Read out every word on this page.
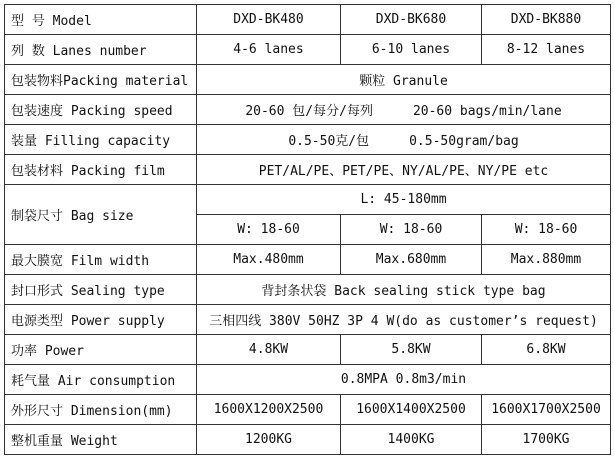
型 号 Model	DXD-BK480	DXD-BK680	DXD-BK880
列 数 Lanes number	4-6 lanes	6-10 lanes	8-12 lanes
包装物料Packing material	颗粒 Granule		
包装速度 Packing speed	20-60 包/每分/每列 20-60 bags/min/lane		
装量 Filling capacity	0.5-50克/包 0.5-50gram/bag		
包装材料 Packing film	PET/AL/PE、PET/PE、NY/AL/PE、NY/PE etc		
制袋尺寸 Bag size	L: 45-180mm		
	W: 18-60	W: 18-60	W: 18-60
最大膜宽 Film width	Max.480mm	Max.680mm	Max.880mm
封口形式 Sealing type	背封条状袋 Back sealing stick type bag		
电源类型 Power supply	三相四线 380V 50HZ 3P 4 W(do as customer’s request)		
功率 Power	4.8KW	5.8KW	6.8KW
耗气量 Air consumption	0.8MPA 0.8m3/min		
外形尺寸 Dimension(mm)	1600X1200X2500	1600X1400X2500	1600X1700X2500
整机重量 Weight	1200KG	1400KG	1700KG
